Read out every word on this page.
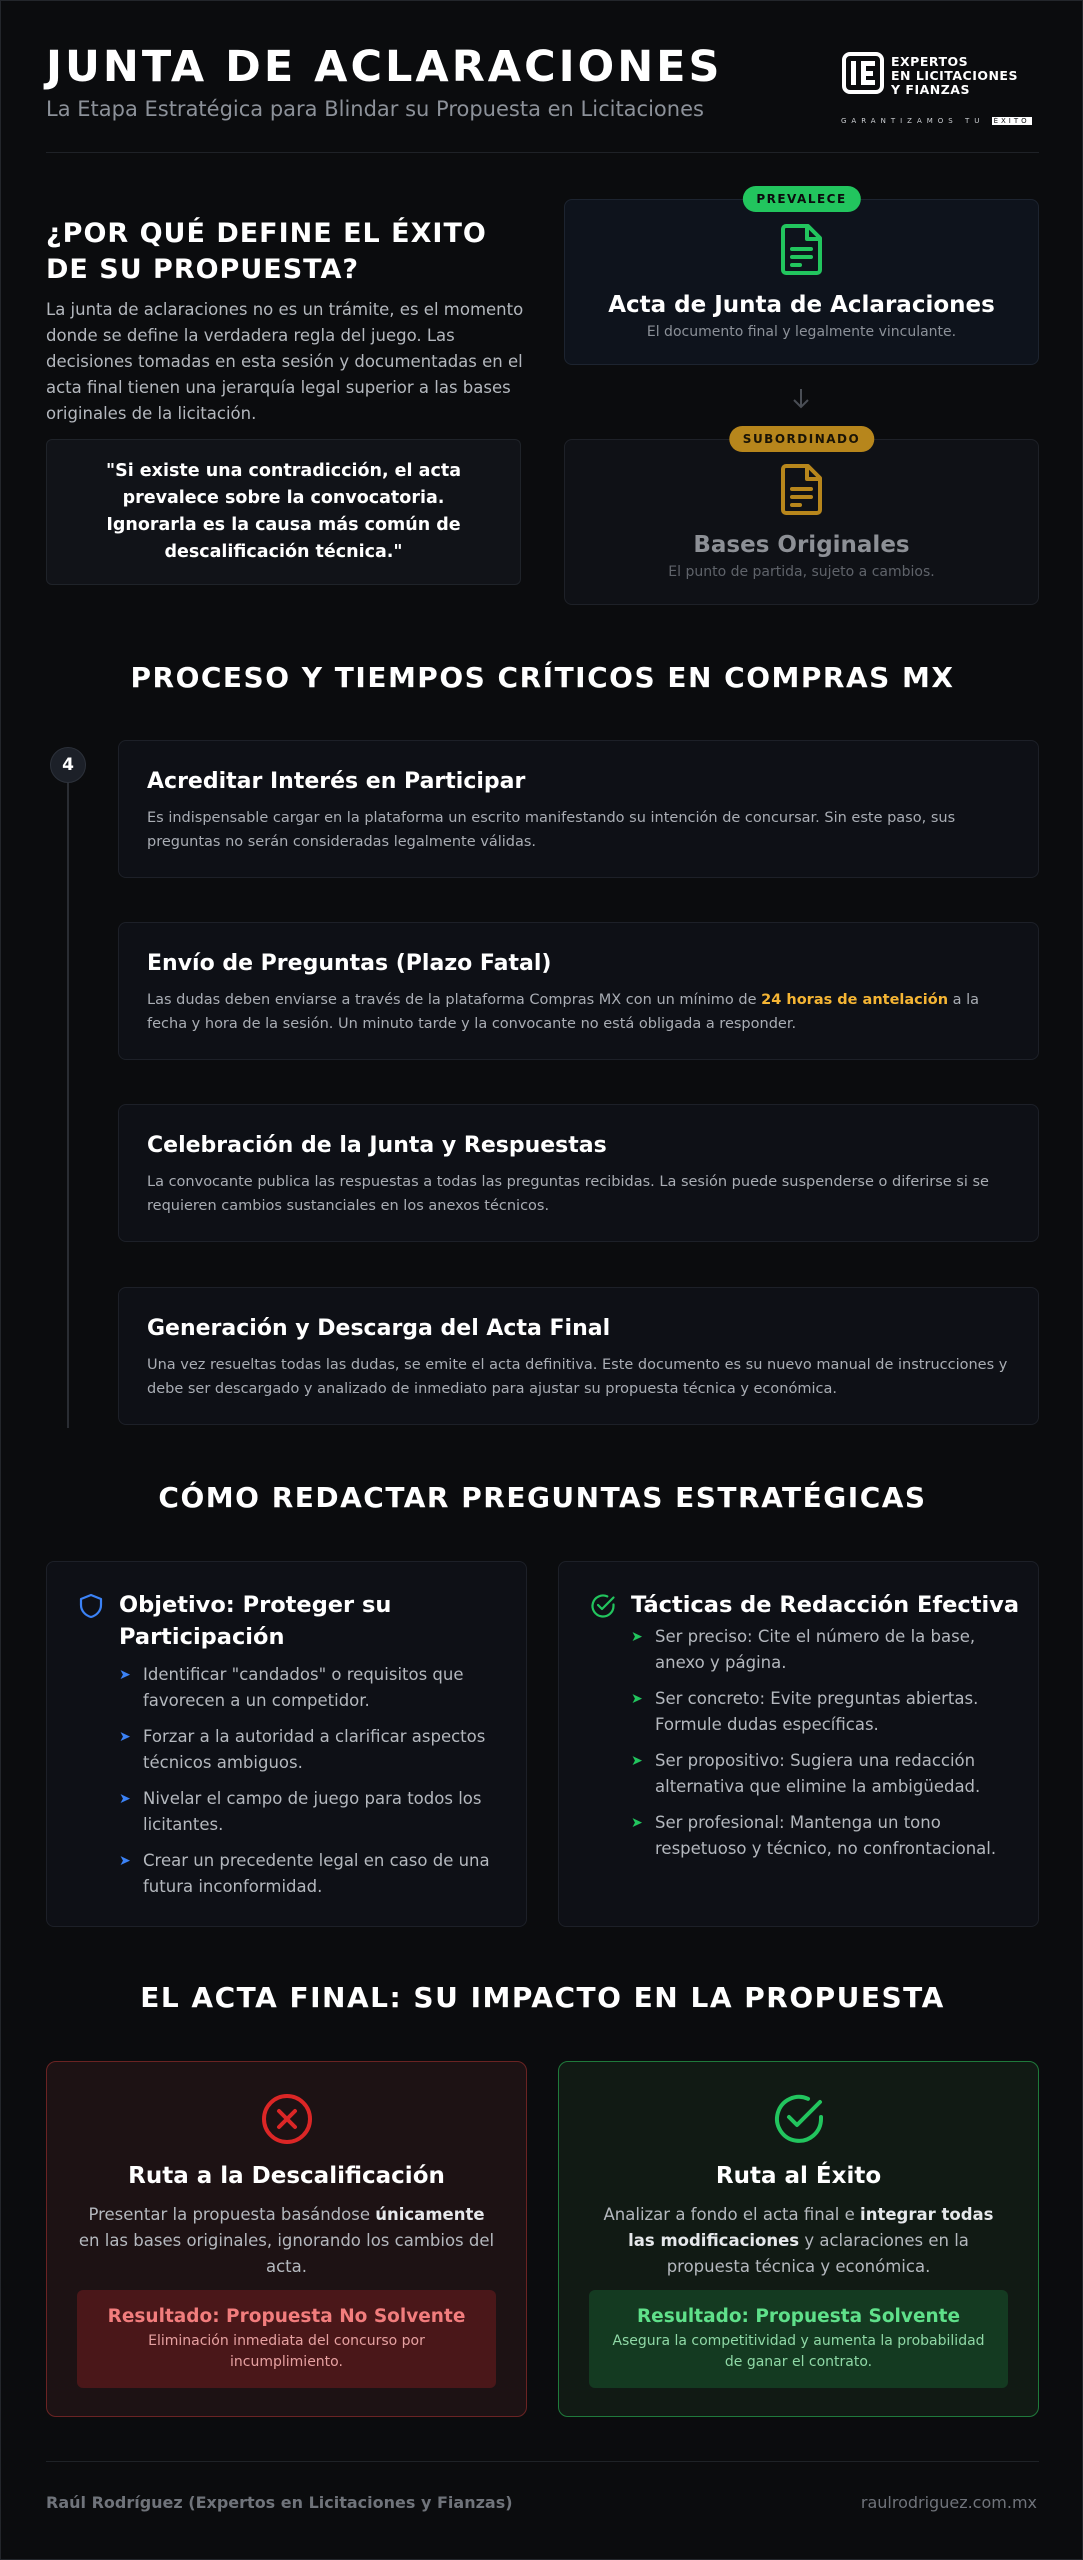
JUNTA DE ACLARACIONES
La Etapa Estratégica para Blindar su Propuesta en Licitaciones
EXPERTOS
EN LICITACIONES
Y FIANZAS
GARANTIZAMOS TU ÉXITO
¿POR QUÉ DEFINE EL ÉXITO DE SU PROPUESTA?
La junta de aclaraciones no es un trámite, es el momento donde se define la verdadera regla del juego. Las decisiones tomadas en esta sesión y documentadas en el acta final tienen una jerarquía legal superior a las bases originales de la licitación.
"Si existe una contradicción, el acta prevalece sobre la convocatoria. Ignorarla es la causa más común de descalificación técnica."
PREVALECE
Acta de Junta de Aclaraciones
El documento final y legalmente vinculante.
SUBORDINADO
Bases Originales
El punto de partida, sujeto a cambios.
PROCESO Y TIEMPOS CRÍTICOS EN COMPRAS MX
4
Acreditar Interés en Participar
Es indispensable cargar en la plataforma un escrito manifestando su intención de concursar. Sin este paso, sus preguntas no serán consideradas legalmente válidas.
Envío de Preguntas (Plazo Fatal)
Las dudas deben enviarse a través de la plataforma Compras MX con un mínimo de 24 horas de antelación a la fecha y hora de la sesión. Un minuto tarde y la convocante no está obligada a responder.
Celebración de la Junta y Respuestas
La convocante publica las respuestas a todas las preguntas recibidas. La sesión puede suspenderse o diferirse si se requieren cambios sustanciales en los anexos técnicos.
Generación y Descarga del Acta Final
Una vez resueltas todas las dudas, se emite el acta definitiva. Este documento es su nuevo manual de instrucciones y debe ser descargado y analizado de inmediato para ajustar su propuesta técnica y económica.
CÓMO REDACTAR PREGUNTAS ESTRATÉGICAS
Objetivo: Proteger su Participación
➤ Identificar "candados" o requisitos que favorecen a un competidor.
➤ Forzar a la autoridad a clarificar aspectos técnicos ambiguos.
➤ Nivelar el campo de juego para todos los licitantes.
➤ Crear un precedente legal en caso de una futura inconformidad.
Tácticas de Redacción Efectiva
➤ Ser preciso: Cite el número de la base, anexo y página.
➤ Ser concreto: Evite preguntas abiertas. Formule dudas específicas.
➤ Ser propositivo: Sugiera una redacción alternativa que elimine la ambigüedad.
➤ Ser profesional: Mantenga un tono respetuoso y técnico, no confrontacional.
EL ACTA FINAL: SU IMPACTO EN LA PROPUESTA
Ruta a la Descalificación
Presentar la propuesta basándose únicamente en las bases originales, ignorando los cambios del acta.
Resultado: Propuesta No Solvente
Eliminación inmediata del concurso por incumplimiento.
Ruta al Éxito
Analizar a fondo el acta final e integrar todas las modificaciones y aclaraciones en la propuesta técnica y económica.
Resultado: Propuesta Solvente
Asegura la competitividad y aumenta la probabilidad de ganar el contrato.
Raúl Rodríguez (Expertos en Licitaciones y Fianzas)	raulrodriguez.com.mx
